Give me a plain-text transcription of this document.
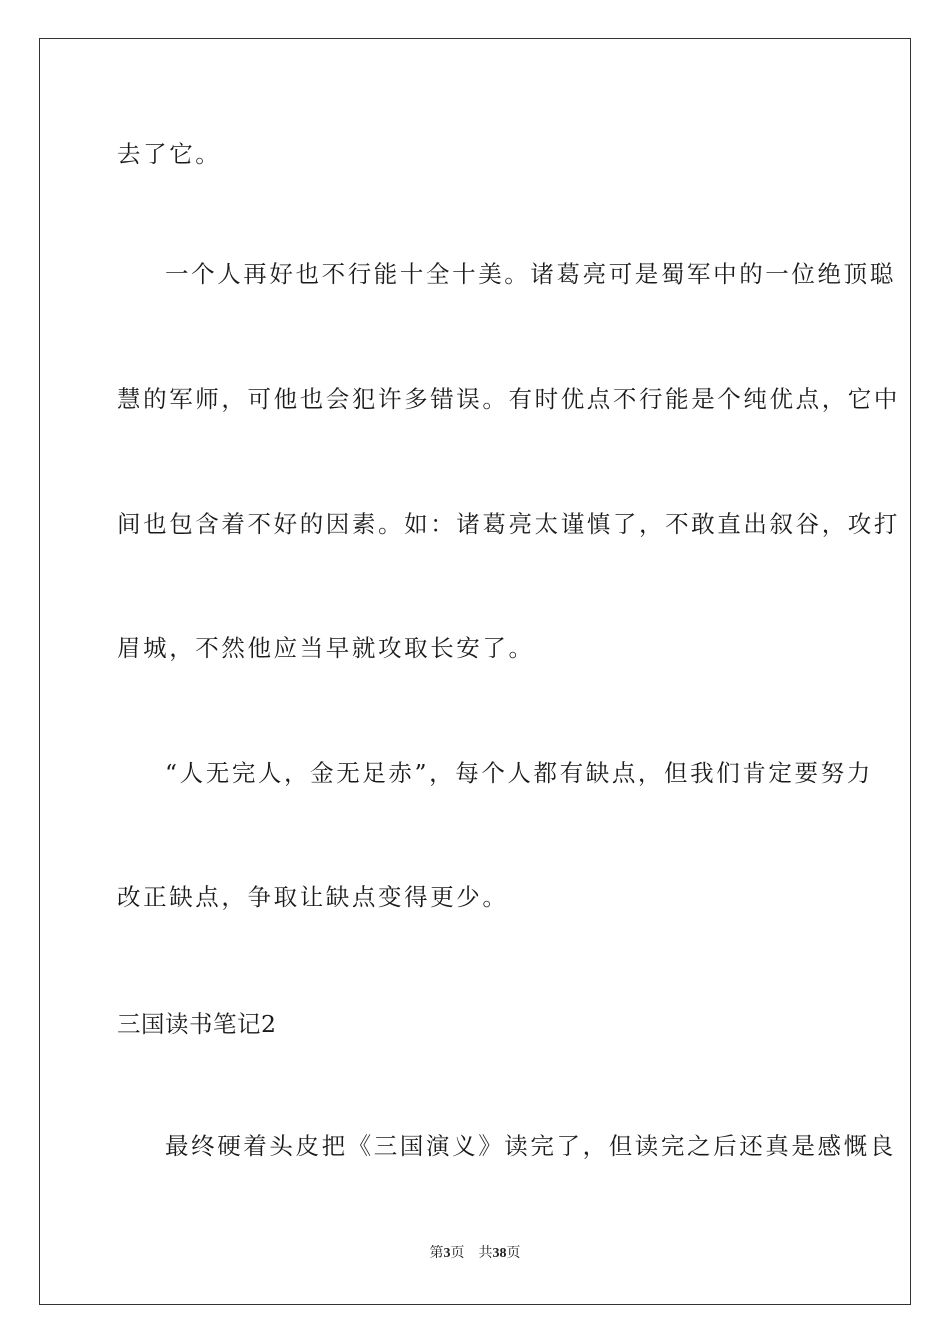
去了它。
一个人再好也不行能十全十美。诸葛亮可是蜀军中的一位绝顶聪
慧的军师，可他也会犯许多错误。有时优点不行能是个纯优点，它中
间也包含着不好的因素。如：诸葛亮太谨慎了，不敢直出叙谷，攻打
眉城，不然他应当早就攻取长安了。
“人无完人，金无足赤”，每个人都有缺点，但我们肯定要努力
改正缺点，争取让缺点变得更少。
三国读书笔记2
最终硬着头皮把《三国演义》读完了，但读完之后还真是感慨良
第3页 共38页
